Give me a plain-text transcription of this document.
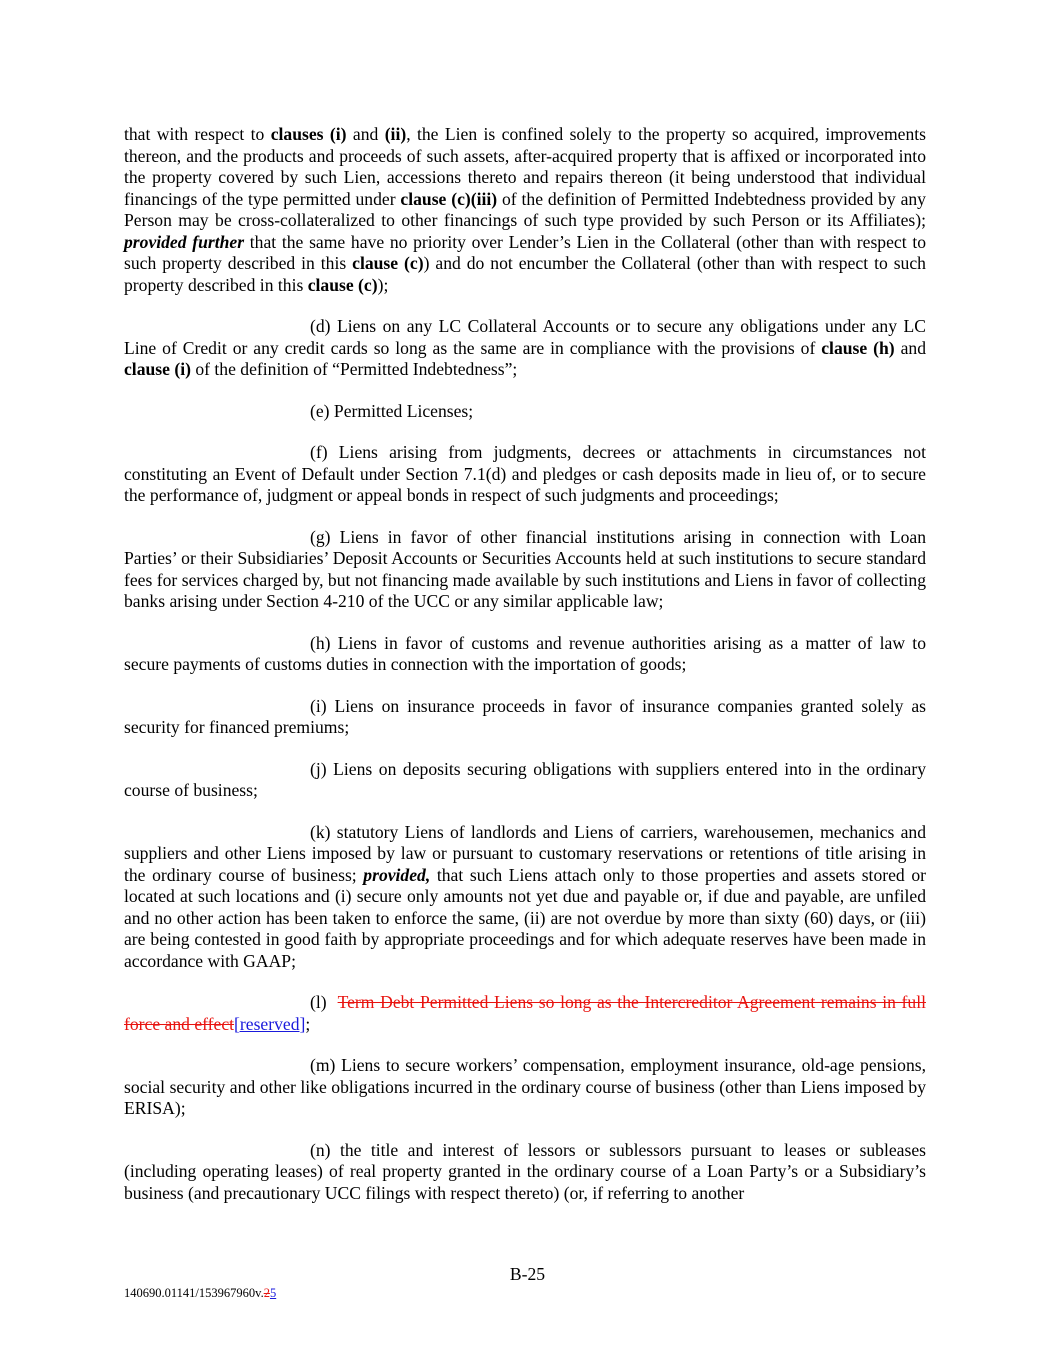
that with respect to clauses (i) and (ii), the Lien is confined solely to the property so acquired, improvements thereon, and the products and proceeds of such assets, after-acquired property that is affixed or incorporated into the property covered by such Lien, accessions thereto and repairs thereon (it being understood that individual financings of the type permitted under clause (c)(iii) of the definition of Permitted Indebtedness provided by any Person may be cross-collateralized to other financings of such type provided by such Person or its Affiliates); provided further that the same have no priority over Lender’s Lien in the Collateral (other than with respect to such property described in this clause (c)) and do not encumber the Collateral (other than with respect to such property described in this clause (c));

(d) Liens on any LC Collateral Accounts or to secure any obligations under any LC Line of Credit or any credit cards so long as the same are in compliance with the provisions of clause (h) and clause (i) of the definition of “Permitted Indebtedness”;

(e) Permitted Licenses;

(f) Liens arising from judgments, decrees or attachments in circumstances not constituting an Event of Default under Section 7.1(d) and pledges or cash deposits made in lieu of, or to secure the performance of, judgment or appeal bonds in respect of such judgments and proceedings;

(g) Liens in favor of other financial institutions arising in connection with Loan Parties’ or their Subsidiaries’ Deposit Accounts or Securities Accounts held at such institutions to secure standard fees for services charged by, but not financing made available by such institutions and Liens in favor of collecting banks arising under Section 4-210 of the UCC or any similar applicable law;

(h) Liens in favor of customs and revenue authorities arising as a matter of law to secure payments of customs duties in connection with the importation of goods;

(i) Liens on insurance proceeds in favor of insurance companies granted solely as security for financed premiums;

(j) Liens on deposits securing obligations with suppliers entered into in the ordinary course of business;

(k) statutory Liens of landlords and Liens of carriers, warehousemen, mechanics and suppliers and other Liens imposed by law or pursuant to customary reservations or retentions of title arising in the ordinary course of business; provided, that such Liens attach only to those properties and assets stored or located at such locations and (i) secure only amounts not yet due and payable or, if due and payable, are unfiled and no other action has been taken to enforce the same, (ii) are not overdue by more than sixty (60) days, or (iii) are being contested in good faith by appropriate proceedings and for which adequate reserves have been made in accordance with GAAP;

(l)  Term Debt Permitted Liens so long as the Intercreditor Agreement remains in full force and effect[reserved];

(m) Liens to secure workers’ compensation, employment insurance, old-age pensions, social security and other like obligations incurred in the ordinary course of business (other than Liens imposed by ERISA);

(n) the title and interest of lessors or sublessors pursuant to leases or subleases (including operating leases) of real property granted in the ordinary course of a Loan Party’s or a Subsidiary’s business (and precautionary UCC filings with respect thereto) (or, if referring to another

B-25
140690.01141/153967960v.25
